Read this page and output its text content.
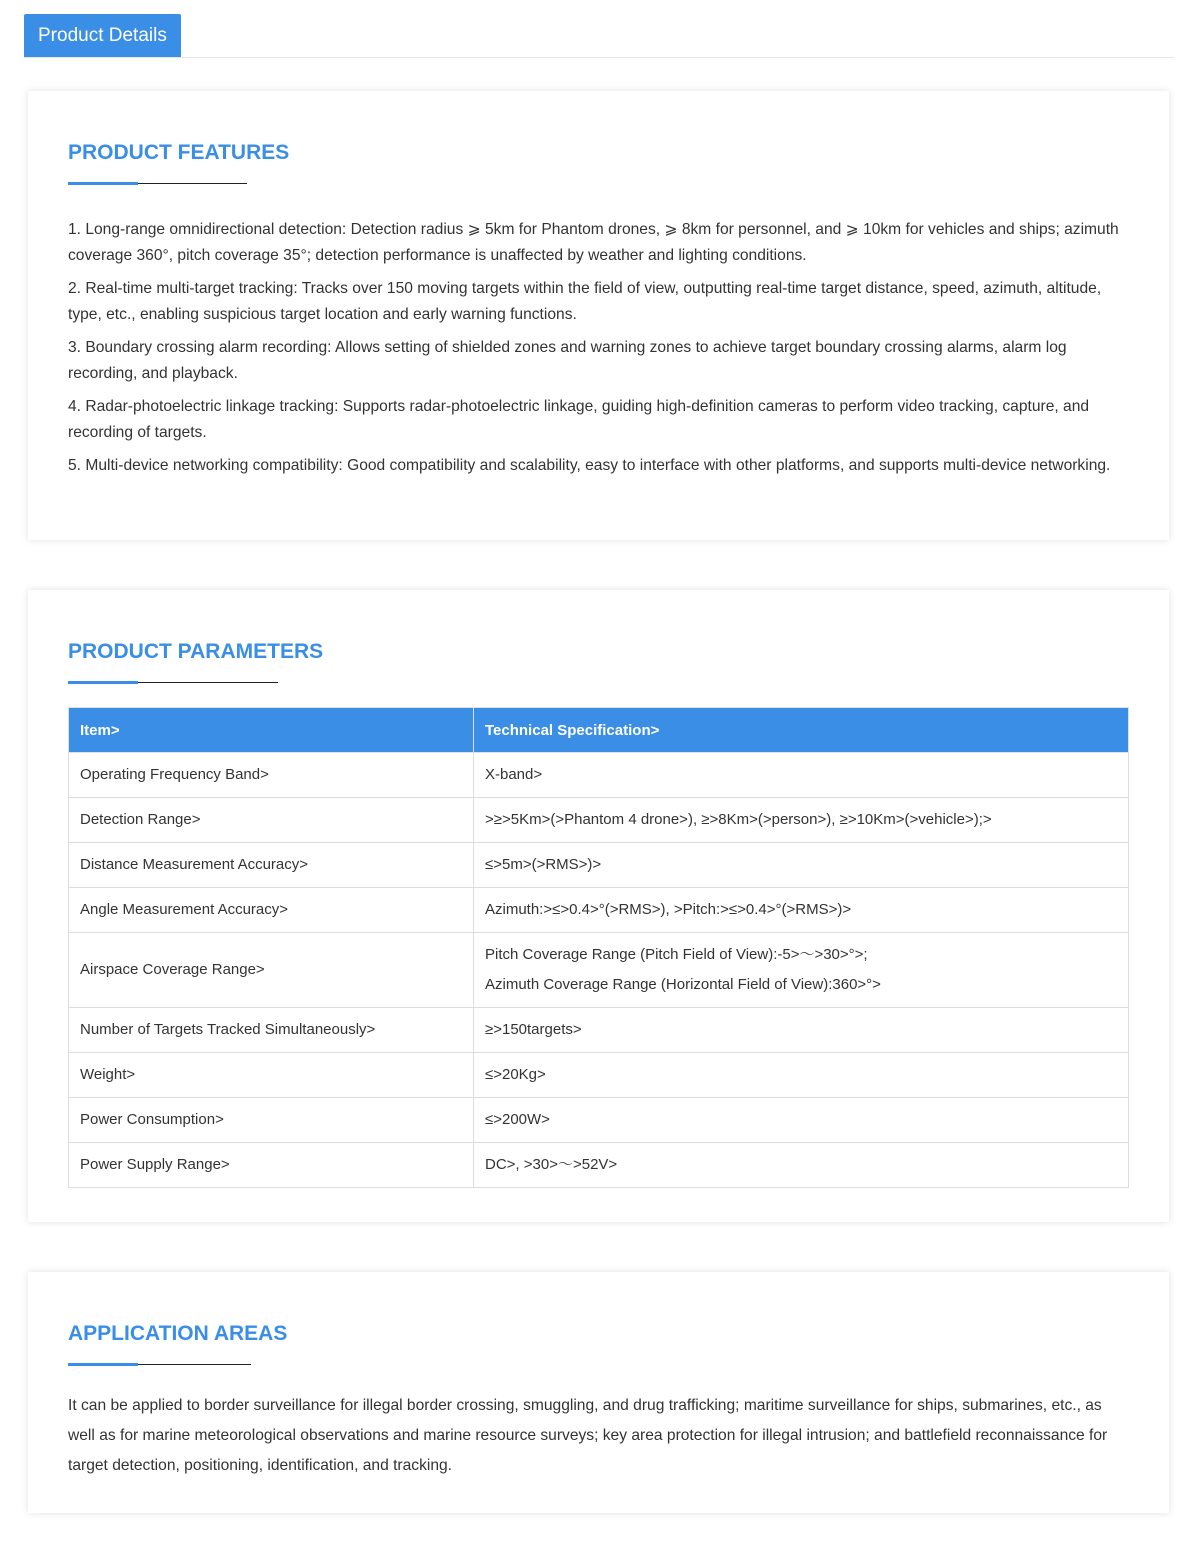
Product Details
PRODUCT FEATURES

1. Long-range omnidirectional detection: Detection radius ⩾ 5km for Phantom drones, ⩾ 8km for personnel, and ⩾ 10km for vehicles and ships; azimuth coverage 360°, pitch coverage 35°; detection performance is unaffected by weather and lighting conditions.

2. Real-time multi-target tracking: Tracks over 150 moving targets within the field of view, outputting real-time target distance, speed, azimuth, altitude, type, etc., enabling suspicious target location and early warning functions.

3. Boundary crossing alarm recording: Allows setting of shielded zones and warning zones to achieve target boundary crossing alarms, alarm log recording, and playback.

4. Radar-photoelectric linkage tracking: Supports radar-photoelectric linkage, guiding high-definition cameras to perform video tracking, capture, and recording of targets.

5. Multi-device networking compatibility: Good compatibility and scalability, easy to interface with other platforms, and supports multi-device networking.

PRODUCT PARAMETERS
Item>	Technical Specification>
Operating Frequency Band>	X-band>
Detection Range>	>≥>5Km>(>Phantom 4 drone>), ≥>8Km>(>person>), ≥>10Km>(>vehicle>);>
Distance Measurement Accuracy>	≤>5m>(>RMS>)>
Angle Measurement Accuracy>	Azimuth:>≤>0.4>°(>RMS>), >Pitch:>≤>0.4>°(>RMS>)>
Airspace Coverage Range>	Pitch Coverage Range (Pitch Field of View):-5>～>30>°>;
Azimuth Coverage Range (Horizontal Field of View):360>°>

Number of Targets Tracked Simultaneously>	≥>150targets>
Weight>	≤>20Kg>
Power Consumption>	≤>200W>
Power Supply Range>	DC>, >30>～>52V>
APPLICATION AREAS

It can be applied to border surveillance for illegal border crossing, smuggling, and drug trafficking; maritime surveillance for ships, submarines, etc., as well as for marine meteorological observations and marine resource surveys; key area protection for illegal intrusion; and battlefield reconnaissance for target detection, positioning, identification, and tracking.
